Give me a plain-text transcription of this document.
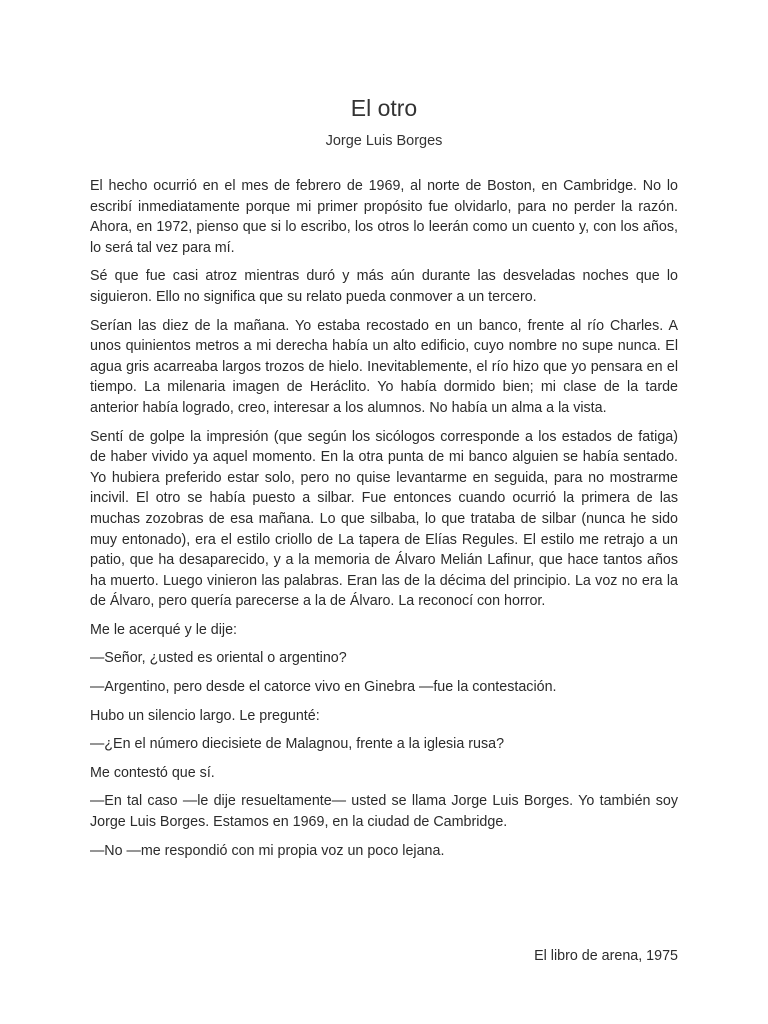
El otro

Jorge Luis Borges

El hecho ocurrió en el mes de febrero de 1969, al norte de Boston, en Cambridge. No lo escribí inmediatamente porque mi primer propósito fue olvidarlo, para no perder la razón. Ahora, en 1972, pienso que si lo escribo, los otros lo leerán como un cuento y, con los años, lo será tal vez para mí.

Sé que fue casi atroz mientras duró y más aún durante las desveladas noches que lo siguieron. Ello no significa que su relato pueda conmover a un tercero.

Serían las diez de la mañana. Yo estaba recostado en un banco, frente al río Charles. A unos quinientos metros a mi derecha había un alto edificio, cuyo nombre no supe nunca. El agua gris acarreaba largos trozos de hielo. Inevitablemente, el río hizo que yo pensara en el tiempo. La milenaria imagen de Heráclito. Yo había dormido bien; mi clase de la tarde anterior había logrado, creo, interesar a los alumnos. No había un alma a la vista.

Sentí de golpe la impresión (que según los sicólogos corresponde a los estados de fatiga) de haber vivido ya aquel momento. En la otra punta de mi banco alguien se había sentado. Yo hubiera preferido estar solo, pero no quise levantarme en seguida, para no mostrarme incivil. El otro se había puesto a silbar. Fue entonces cuando ocurrió la primera de las muchas zozobras de esa mañana. Lo que silbaba, lo que trataba de silbar (nunca he sido muy entonado), era el estilo criollo de La tapera de Elías Regules. El estilo me retrajo a un patio, que ha desaparecido, y a la memoria de Álvaro Melián Lafinur, que hace tantos años ha muerto. Luego vinieron las palabras. Eran las de la décima del principio. La voz no era la de Álvaro, pero quería parecerse a la de Álvaro. La reconocí con horror.

Me le acerqué y le dije:

—Señor, ¿usted es oriental o argentino?

—Argentino, pero desde el catorce vivo en Ginebra —fue la contestación.

Hubo un silencio largo. Le pregunté:

—¿En el número diecisiete de Malagnou, frente a la iglesia rusa?

Me contestó que sí.

—En tal caso —le dije resueltamente— usted se llama Jorge Luis Borges. Yo también soy Jorge Luis Borges. Estamos en 1969, en la ciudad de Cambridge.

—No —me respondió con mi propia voz un poco lejana.

El libro de arena, 1975
